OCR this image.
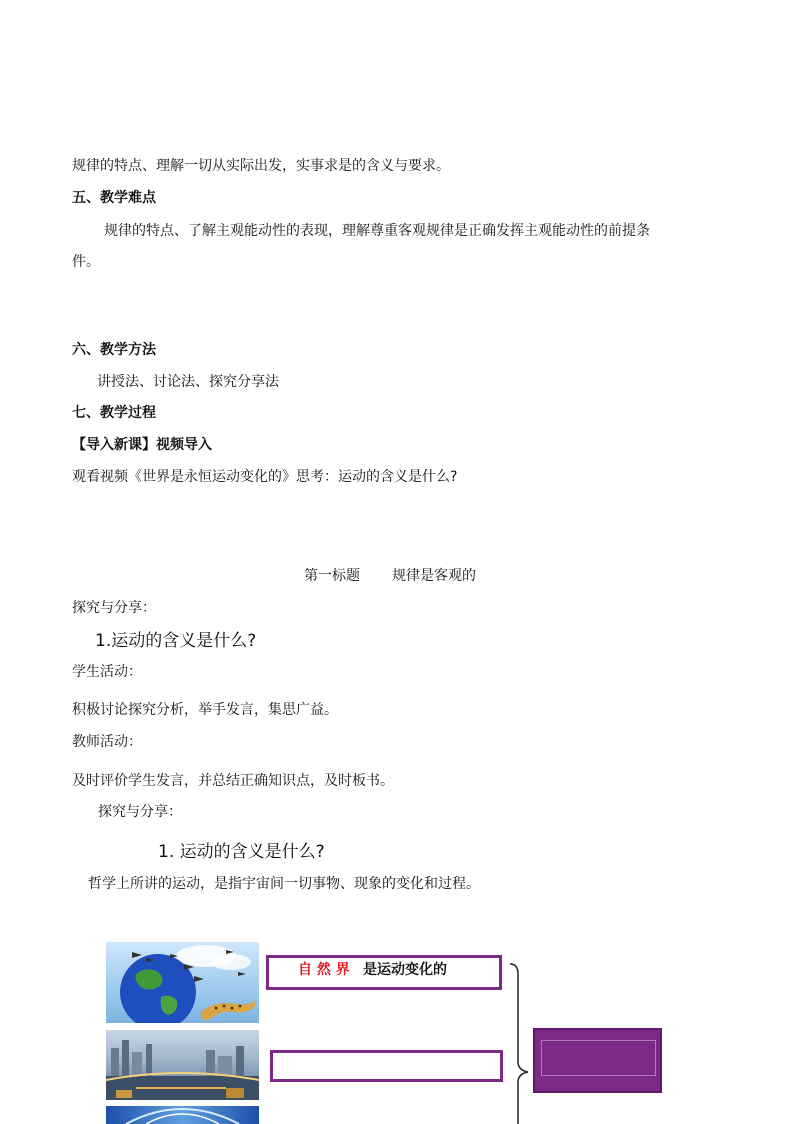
规律的特点、理解一切从实际出发，实事求是的含义与要求。
五、教学难点
规律的特点、了解主观能动性的表现，理解尊重客观规律是正确发挥主观能动性的前提条
件。
六、教学方法
讲授法、讨论法、探究分享法
七、教学过程
【导入新课】视频导入
观看视频《世界是永恒运动变化的》思考：运动的含义是什么?
第一标题 规律是客观的
探究与分享：
1.运动的含义是什么?
学生活动：
积极讨论探究分析，举手发言，集思广益。
教师活动：
及时评价学生发言，并总结正确知识点，及时板书。
探究与分享：
1. 运动的含义是什么?
哲学上所讲的运动，是指宇宙间一切事物、现象的变化和过程。
自 然 界 是运动变化的
